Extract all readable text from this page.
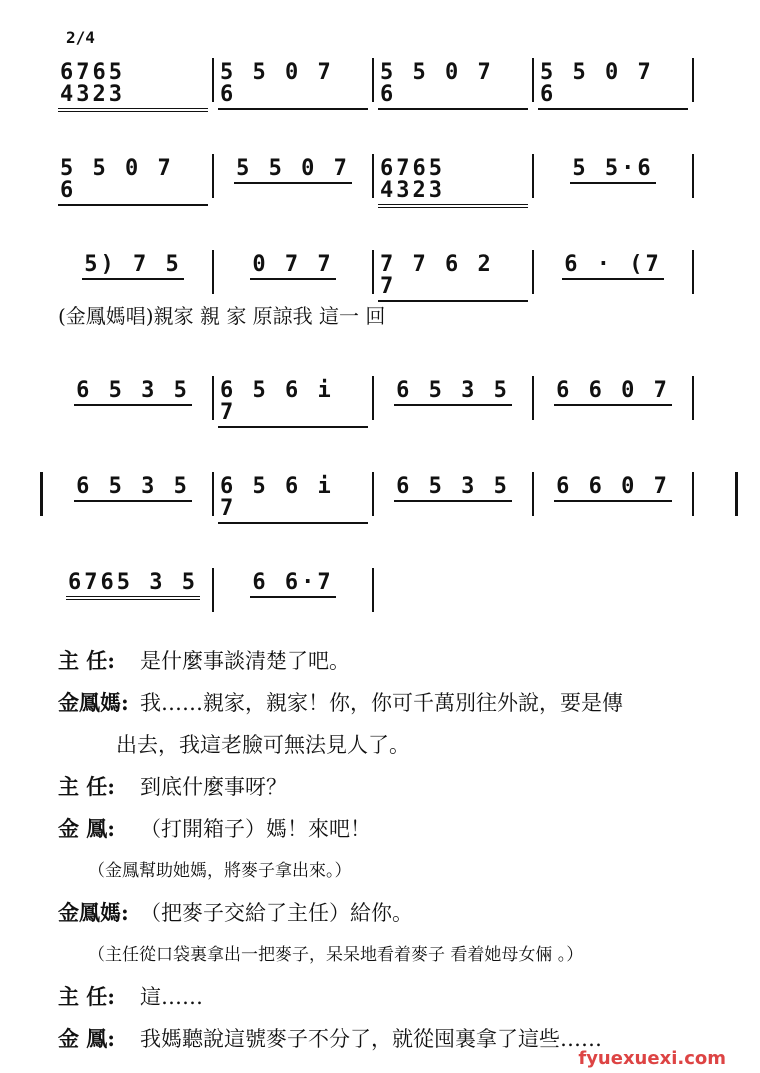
2/4
6765 4323
5 5 0 7 6
5 5 0 7 6
5 5 0 7 6
5 5 0 7 6
5 5 0 7 6765 4323
5 5·6
5) 7 5	0 7 7 7 7 6 2 7
6 · (7
(金鳳媽唱)親家 親 家 原諒我 這一 回
6 5 3 5 6 5 6 i 7
6 5 3 5 6 6 0 7
6 5 3 5 6 5 6 i 7
6 5 3 5 6 6 0 7
6765 3 5 6 6·7
主 任: 是什麼事談清楚了吧。
金鳳媽: 我……親家，親家！你，你可千萬別往外說，要是傳
出去，我這老臉可無法見人了。
主 任: 到底什麼事呀？
金 鳳: （打開箱子）媽！來吧！
（金鳳幫助她媽，將麥子拿出來。）
金鳳媽: （把麥子交給了主任）給你。
（主任從口袋裏拿出一把麥子，呆呆地看着麥子 看着她母女倆 。）
主 任: 這……
金 鳳: 我媽聽說這號麥子不分了，就從囤裏拿了這些……
fyuexuexi.com
